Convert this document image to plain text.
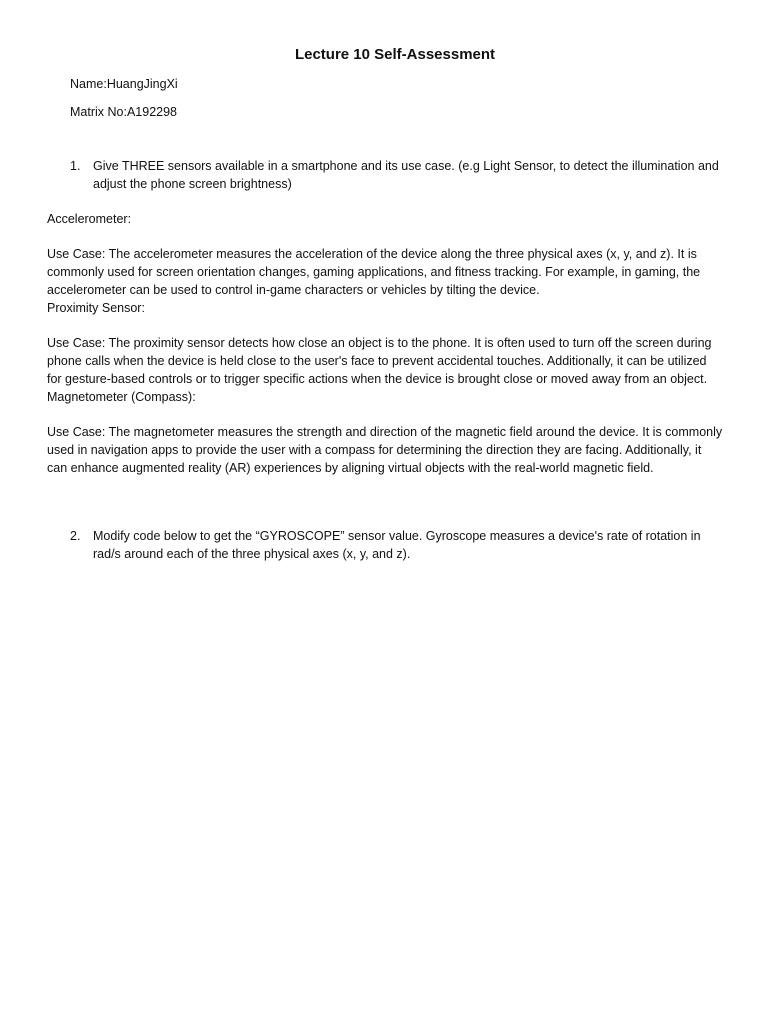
Lecture 10 Self-Assessment
Name:HuangJingXi
Matrix No:A192298
1.	Give THREE sensors available in a smartphone and its use case. (e.g Light Sensor, to detect the illumination and adjust the phone screen brightness)

Accelerometer:

Use Case: The accelerometer measures the acceleration of the device along the three physical axes (x, y, and z). It is commonly used for screen orientation changes, gaming applications, and fitness tracking. For example, in gaming, the accelerometer can be used to control in-game characters or vehicles by tilting the device.

Proximity Sensor:

Use Case: The proximity sensor detects how close an object is to the phone. It is often used to turn off the screen during phone calls when the device is held close to the user's face to prevent accidental touches. Additionally, it can be utilized for gesture-based controls or to trigger specific actions when the device is brought close or moved away from an object.

Magnetometer (Compass):

Use Case: The magnetometer measures the strength and direction of the magnetic field around the device. It is commonly used in navigation apps to provide the user with a compass for determining the direction they are facing. Additionally, it can enhance augmented reality (AR) experiences by aligning virtual objects with the real-world magnetic field.

2.	Modify code below to get the “GYROSCOPE” sensor value. Gyroscope measures a device's rate of rotation in rad/s around each of the three physical axes (x, y, and z).
